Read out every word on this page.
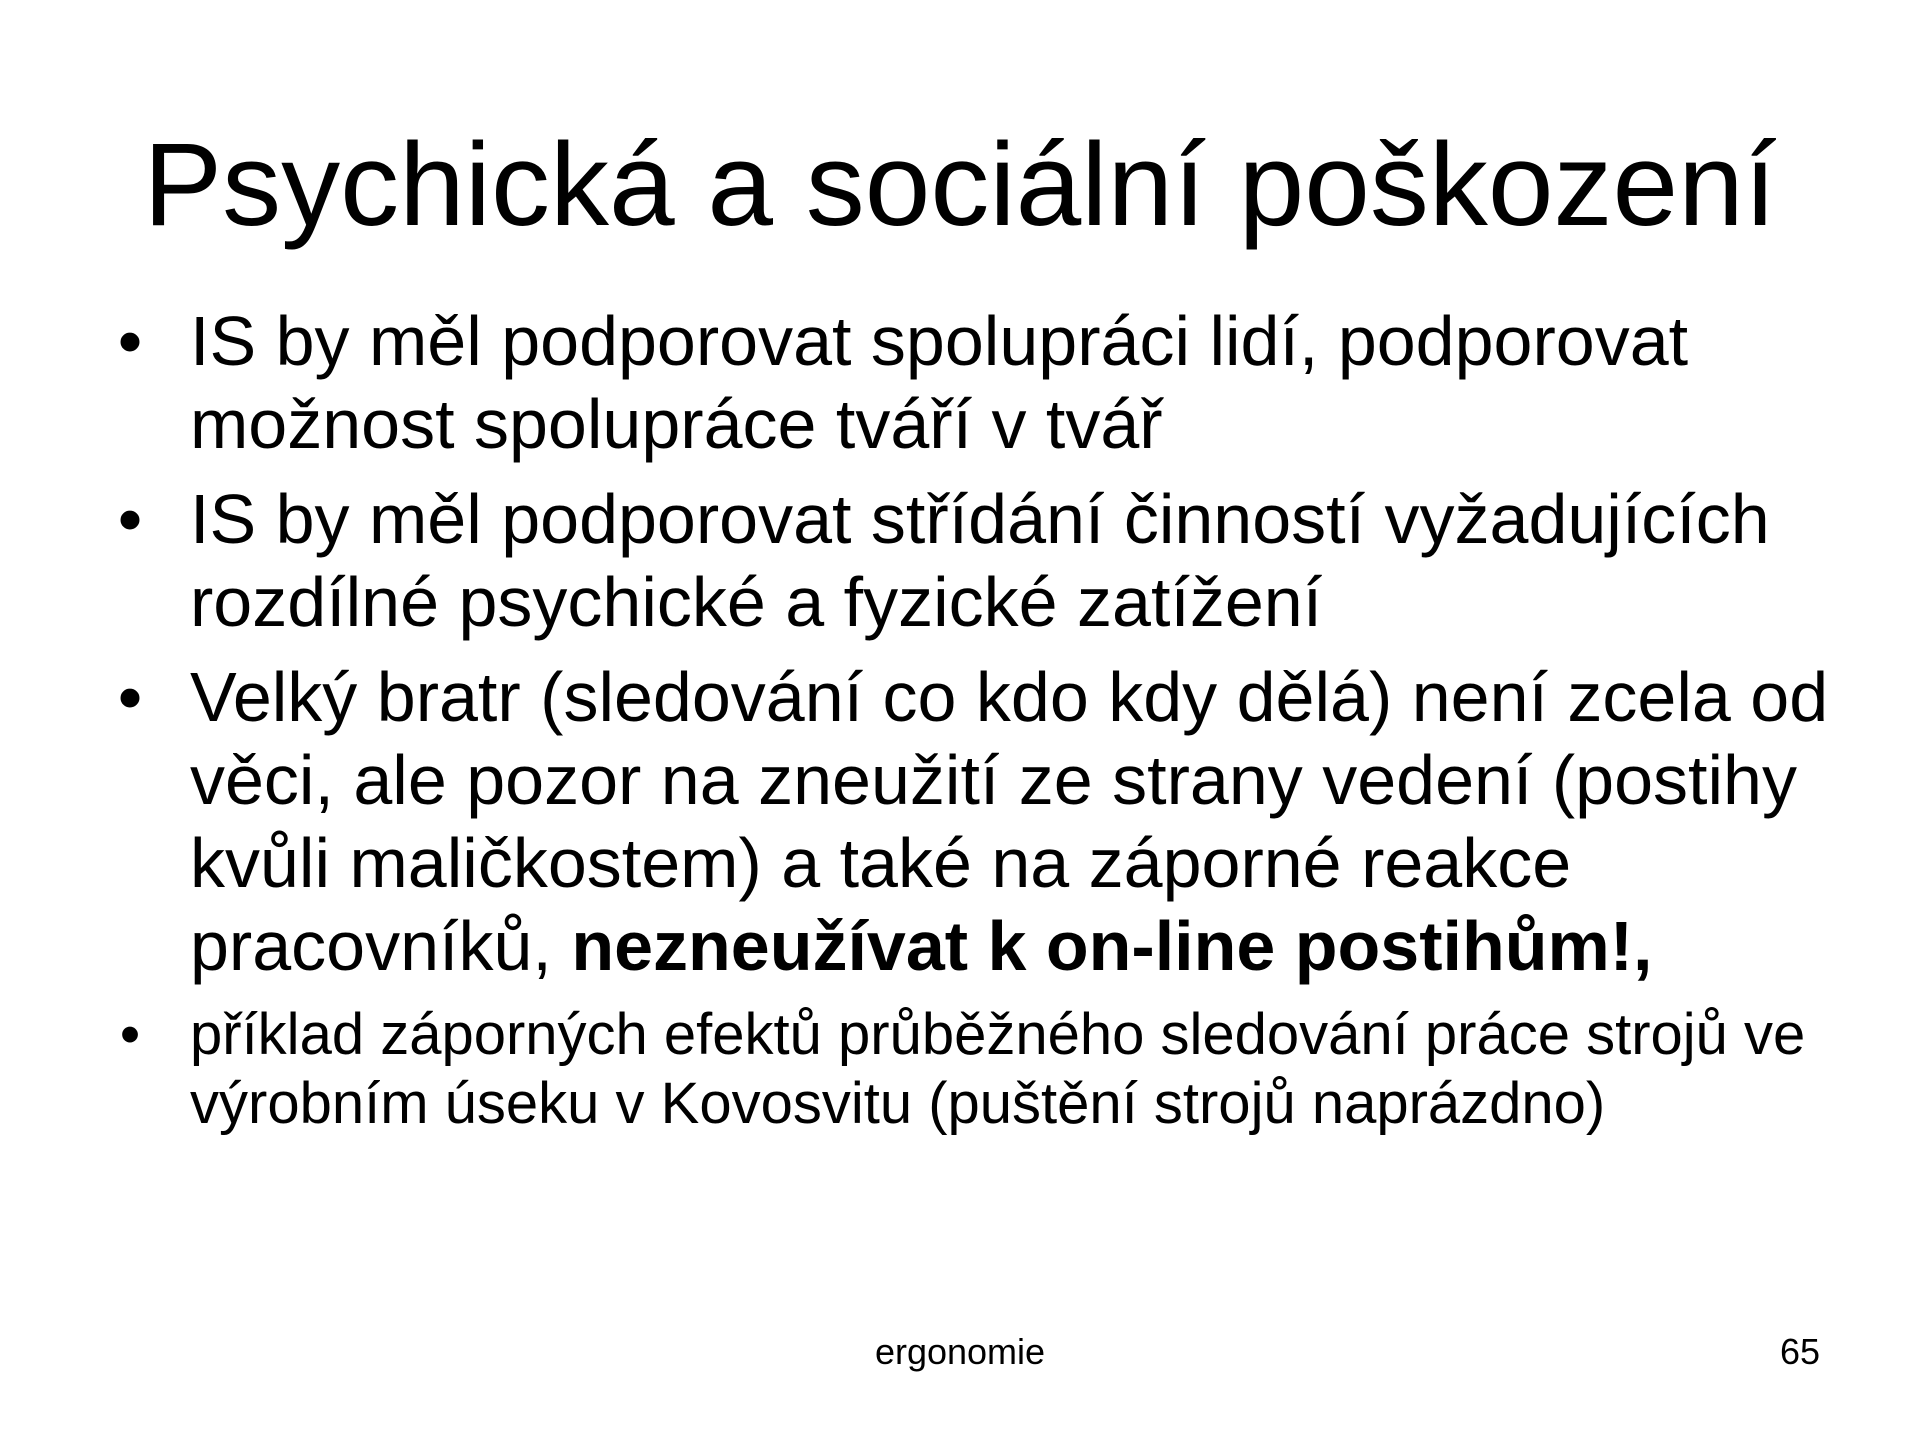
Psychická a sociální poškození
• IS by měl podporovat spolupráci lidí, podporovat možnost spolupráce tváří v tvář
• IS by měl podporovat střídání činností vyžadujících rozdílné psychické a fyzické zatížení
• Velký bratr (sledování co kdo kdy dělá) není zcela od věci, ale pozor na zneužití ze strany vedení (postihy kvůli maličkostem) a také na záporné reakce pracovníků, nezneužívat k on-line postihům!,
• příklad záporných efektů průběžného sledování práce strojů ve výrobním úseku v Kovosvitu (puštění strojů naprázdno)
ergonomie	65
